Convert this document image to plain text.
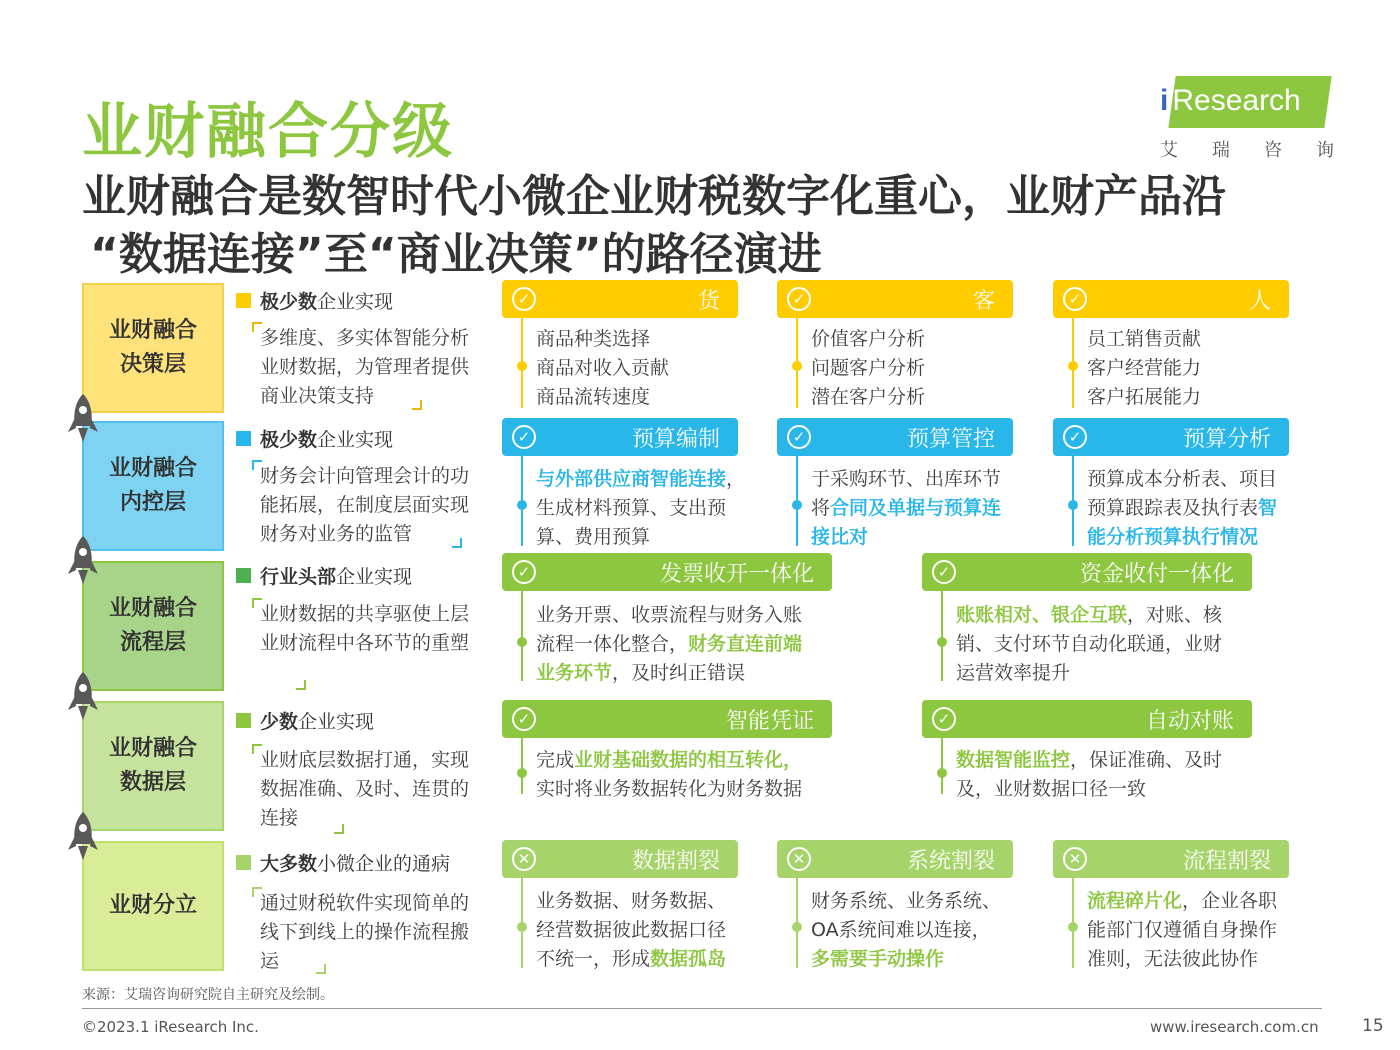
业财融合分级
业财融合是数智时代小微企业财税数字化重心，业财产品沿
“数据连接”至“商业决策”的路径演进
i Research
艾瑞咨询
业财融合
决策层
业财融合
内控层
业财融合
流程层
业财融合
数据层
业财分立
极少数 企业实现
多维度、多实体智能分析业财数据，为管理者提供商业决策支持
极少数 企业实现
财务会计向管理会计的功能拓展，在制度层面实现财务对业务的监管
行业头部 企业实现
业财数据的共享驱使上层业财流程中各环节的重塑
少数 企业实现
业财底层数据打通，实现数据准确、及时、连贯的连接
大多数 小微企业的通病
通过财税软件实现简单的线下到线上的操作流程搬运
✓	货
商品种类选择
商品对收入贡献
商品流转速度
✓	客
价值客户分析
问题客户分析
潜在客户分析
✓	人
员工销售贡献
客户经营能力
客户拓展能力
✓	预算编制
与外部供应商智能连接，
生成材料预算、支出预
算、费用预算
✓	预算管控
于采购环节、出库环节
将合同及单据与预算连
接比对
✓	预算分析
预算成本分析表、项目
预算跟踪表及执行表智
能分析预算执行情况
✓	发票收开一体化
业务开票、收票流程与财务入账
流程一体化整合，财务直连前端
业务环节，及时纠正错误
✓	资金收付一体化
账账相对、银企互联，对账、核
销、支付环节自动化联通，业财
运营效率提升
✓	智能凭证
完成业财基础数据的相互转化，
实时将业务数据转化为财务数据
✓	自动对账
数据智能监控，保证准确、及时
及，业财数据口径一致
✕	数据割裂
业务数据、财务数据、
经营数据彼此数据口径
不统一，形成数据孤岛
✕	系统割裂
财务系统、业务系统、
OA系统间难以连接，
多需要手动操作
✕	流程割裂
流程碎片化，企业各职
能部门仅遵循自身操作
准则，无法彼此协作
来源：艾瑞咨询研究院自主研究及绘制。
©2023.1 iResearch Inc.	www.iresearch.com.cn	15
